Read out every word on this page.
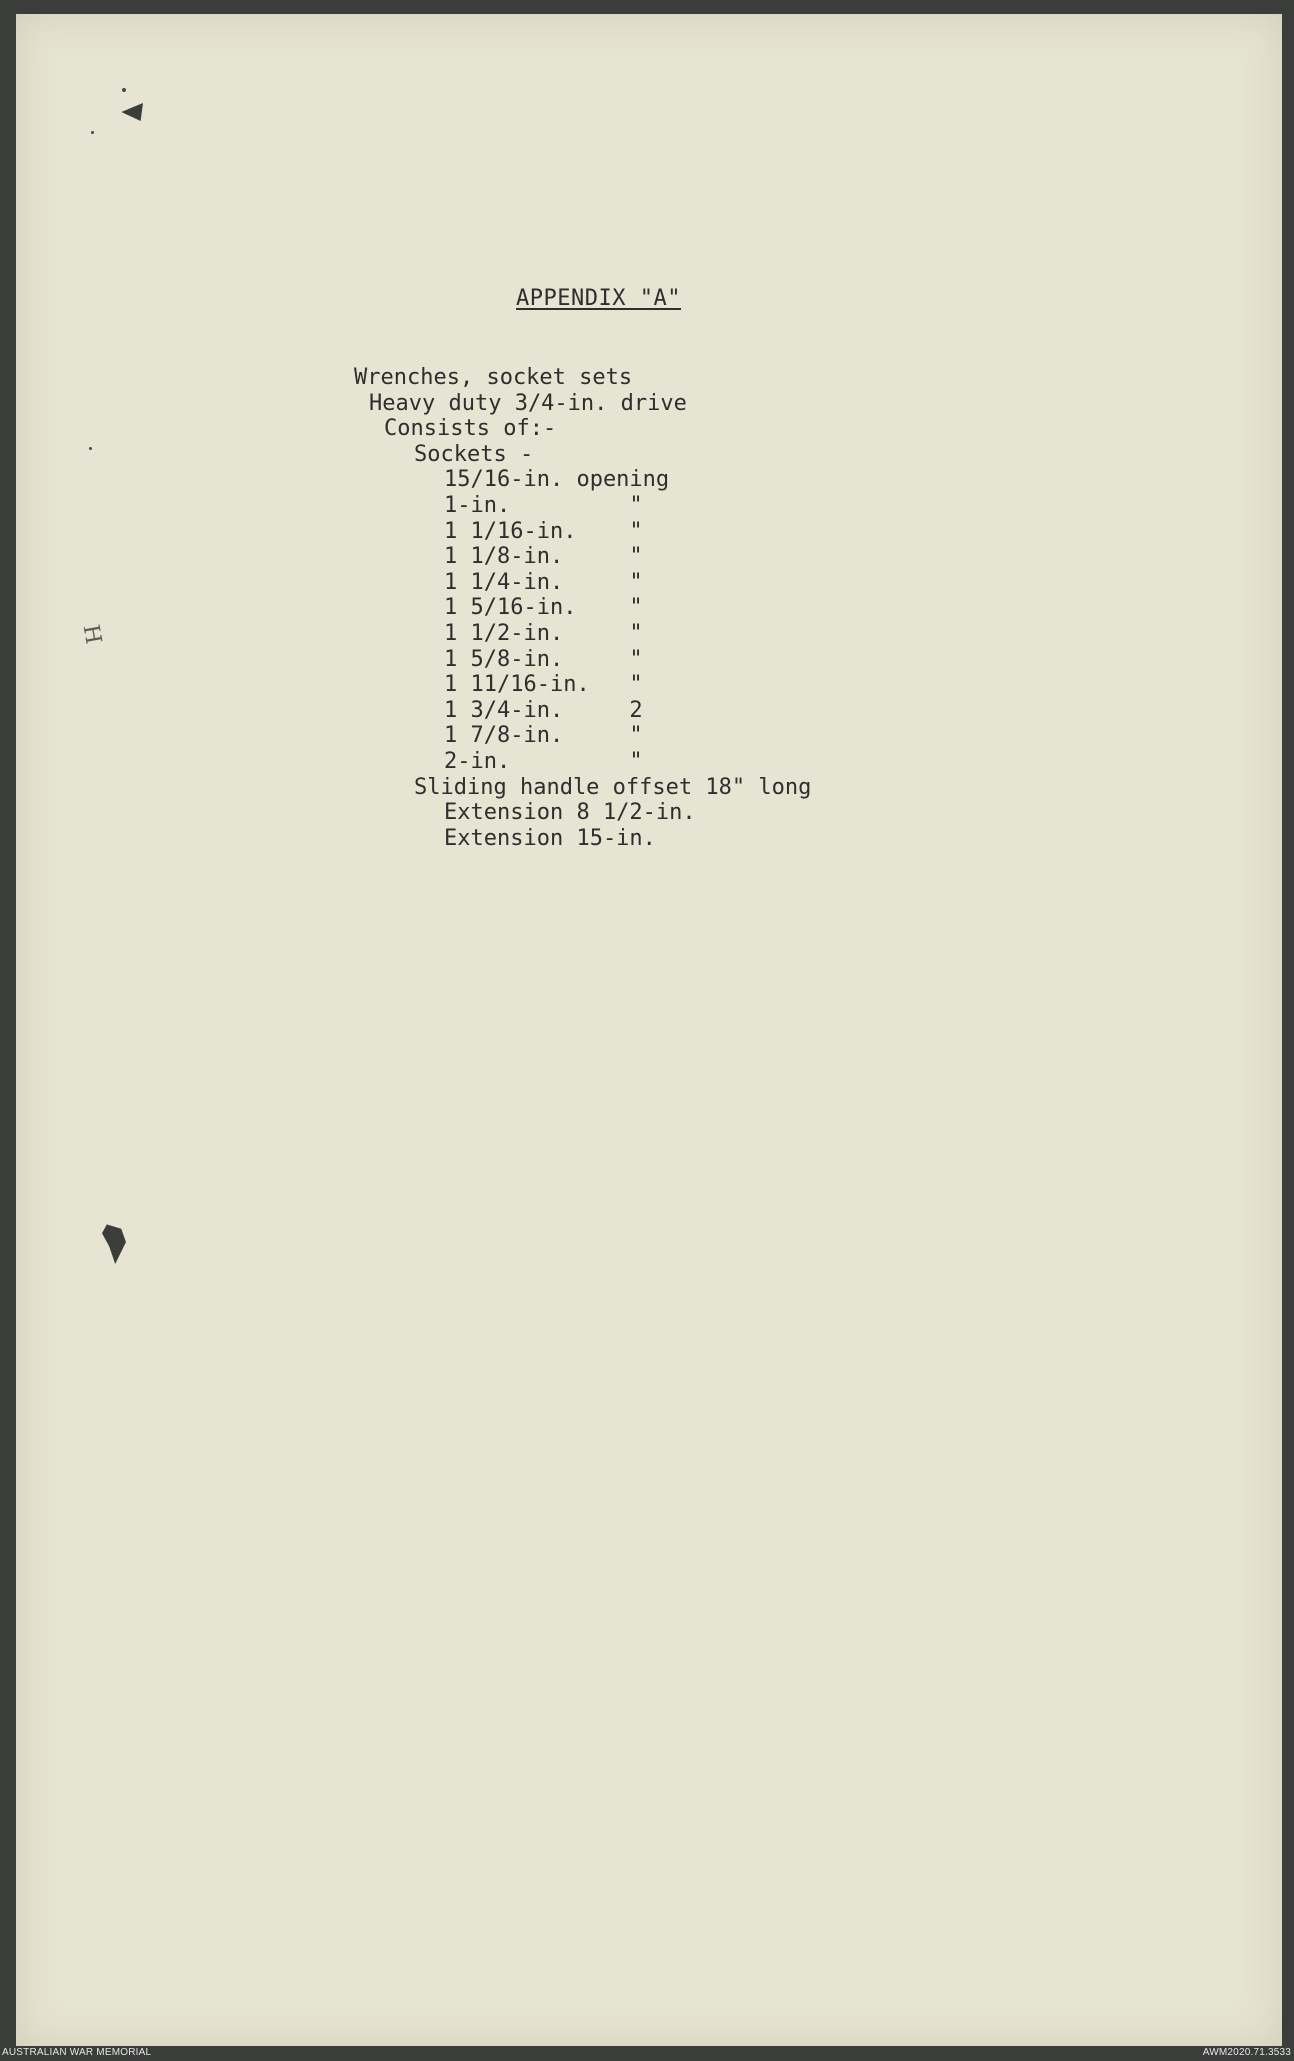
H
APPENDIX "A"
Wrenches, socket sets
Heavy duty 3/4-in. drive
Consists of:-
Sockets -
15/16-in. opening
1-in.         "
1 1/16-in.    "
1 1/8-in.     "
1 1/4-in.     "
1 5/16-in.    "
1 1/2-in.     "
1 5/8-in.     "
1 11/16-in.   "
1 3/4-in.     2
1 7/8-in.     "
2-in.         "
Sliding handle offset 18" long
Extension 8 1/2-in.
Extension 15-in.
AUSTRALIAN WAR MEMORIAL	AWM2020.71.3533
